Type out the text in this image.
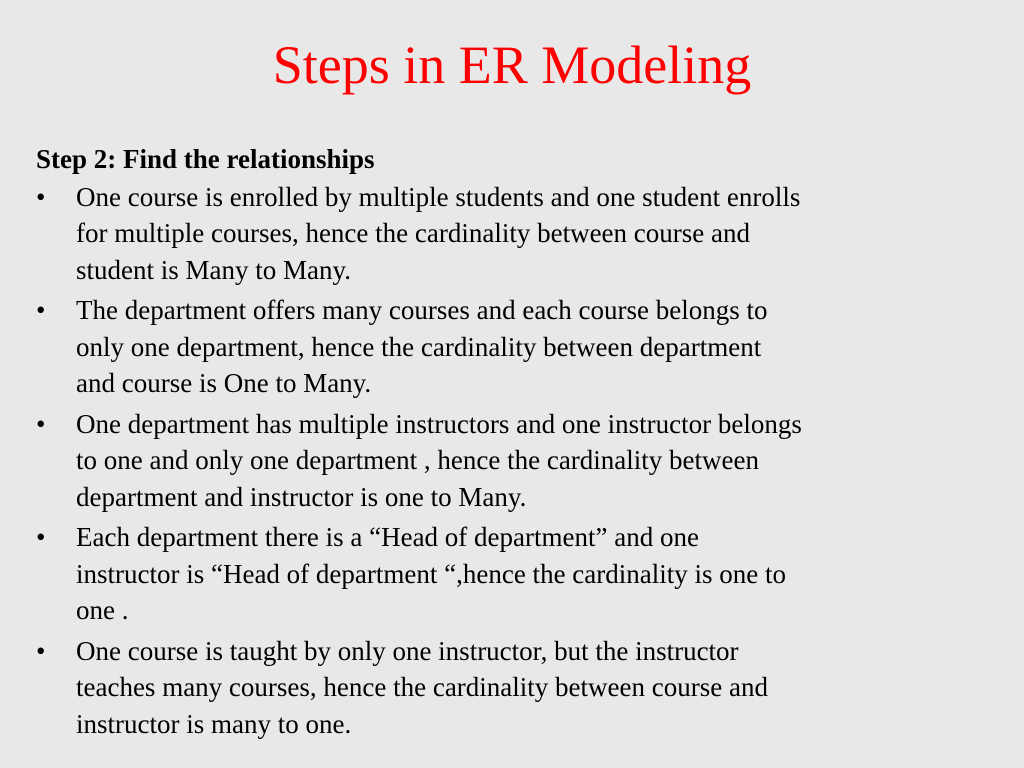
Steps in ER Modeling
Step 2: Find the relationships
• One course is enrolled by multiple students and one student enrolls
for multiple courses, hence the cardinality between course and
student is Many to Many.
• The department offers many courses and each course belongs to
only one department, hence the cardinality between department
and course is One to Many.
• One department has multiple instructors and one instructor belongs
to one and only one department , hence the cardinality between
department and instructor is one to Many.
• Each department there is a “Head of department” and one
instructor is “Head of department “,hence the cardinality is one to
one .
• One course is taught by only one instructor, but the instructor
teaches many courses, hence the cardinality between course and
instructor is many to one.
